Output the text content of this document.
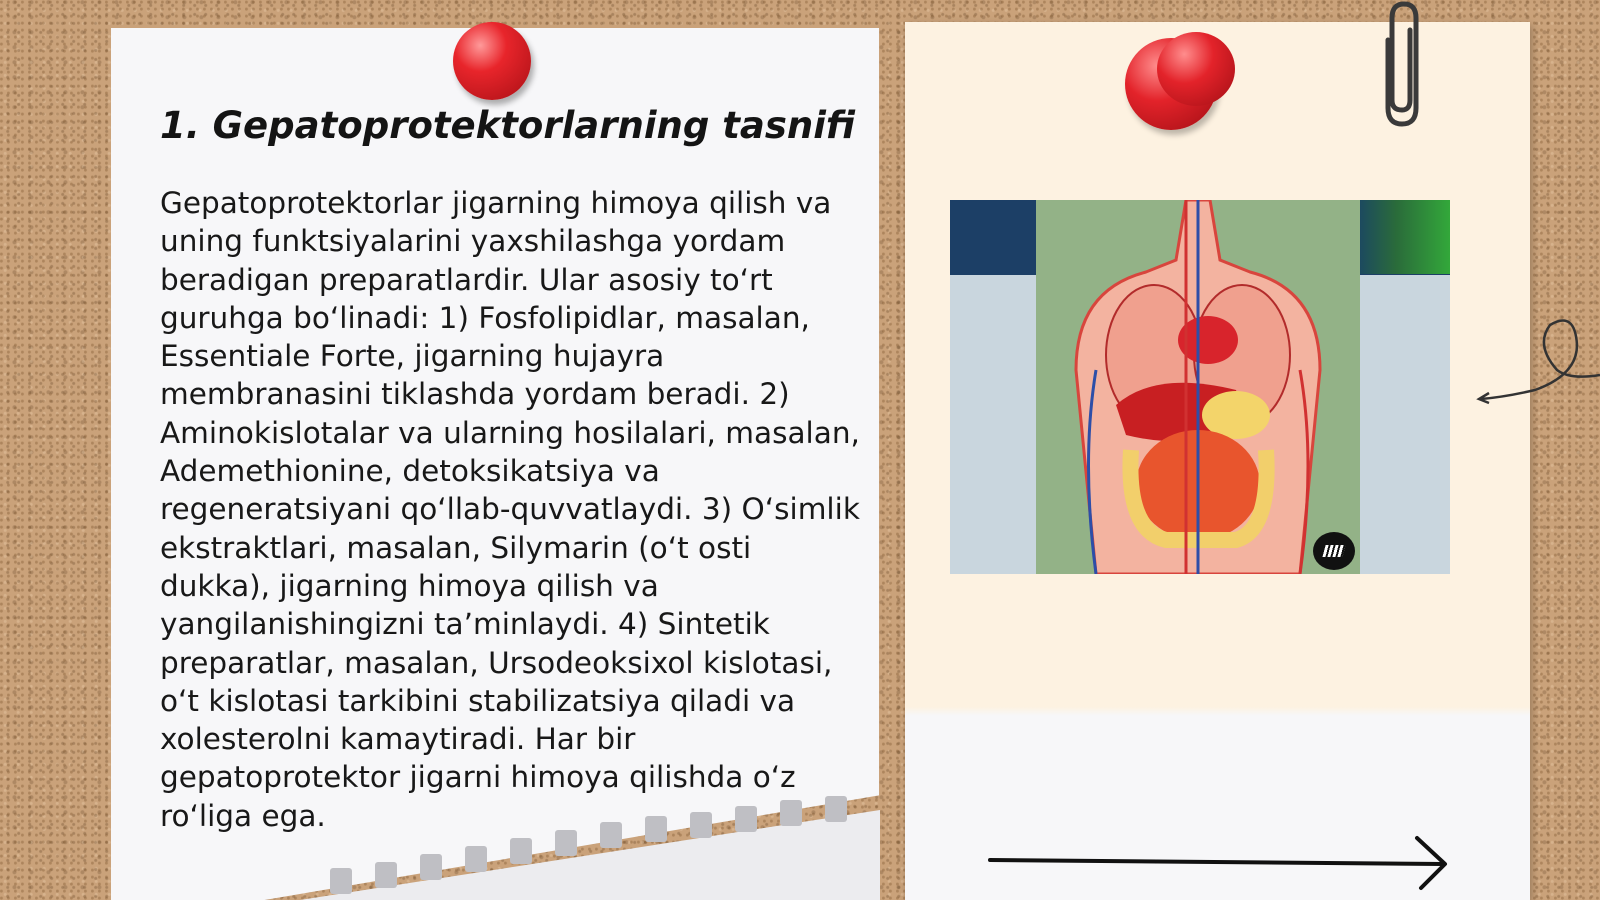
1. Gepatoprotektorlarning tasnifi

Gepatoprotektorlar jigarning himoya qilish va uning funktsiyalarini yaxshilashga yordam beradigan preparatlardir. Ular asosiy to‘rt guruhga bo‘linadi: 1) Fosfolipidlar, masalan, Essentiale Forte, jigarning hujayra membranasini tiklashda yordam beradi. 2) Aminokislotalar va ularning hosilalari, masalan, Ademethionine, detoksikatsiya va regeneratsiyani qo‘llab-quvvatlaydi. 3) O‘simlik ekstraktlari, masalan, Silymarin (o‘t osti dukka), jigarning himoya qilish va yangilanishingizni ta’minlaydi. 4) Sintetik preparatlar, masalan, Ursodeoksixol kislotasi, o‘t kislotasi tarkibini stabilizatsiya qiladi va xolesterolni kamaytiradi. Har bir gepatoprotektor jigarni himoya qilishda o‘z ro‘liga ega.
